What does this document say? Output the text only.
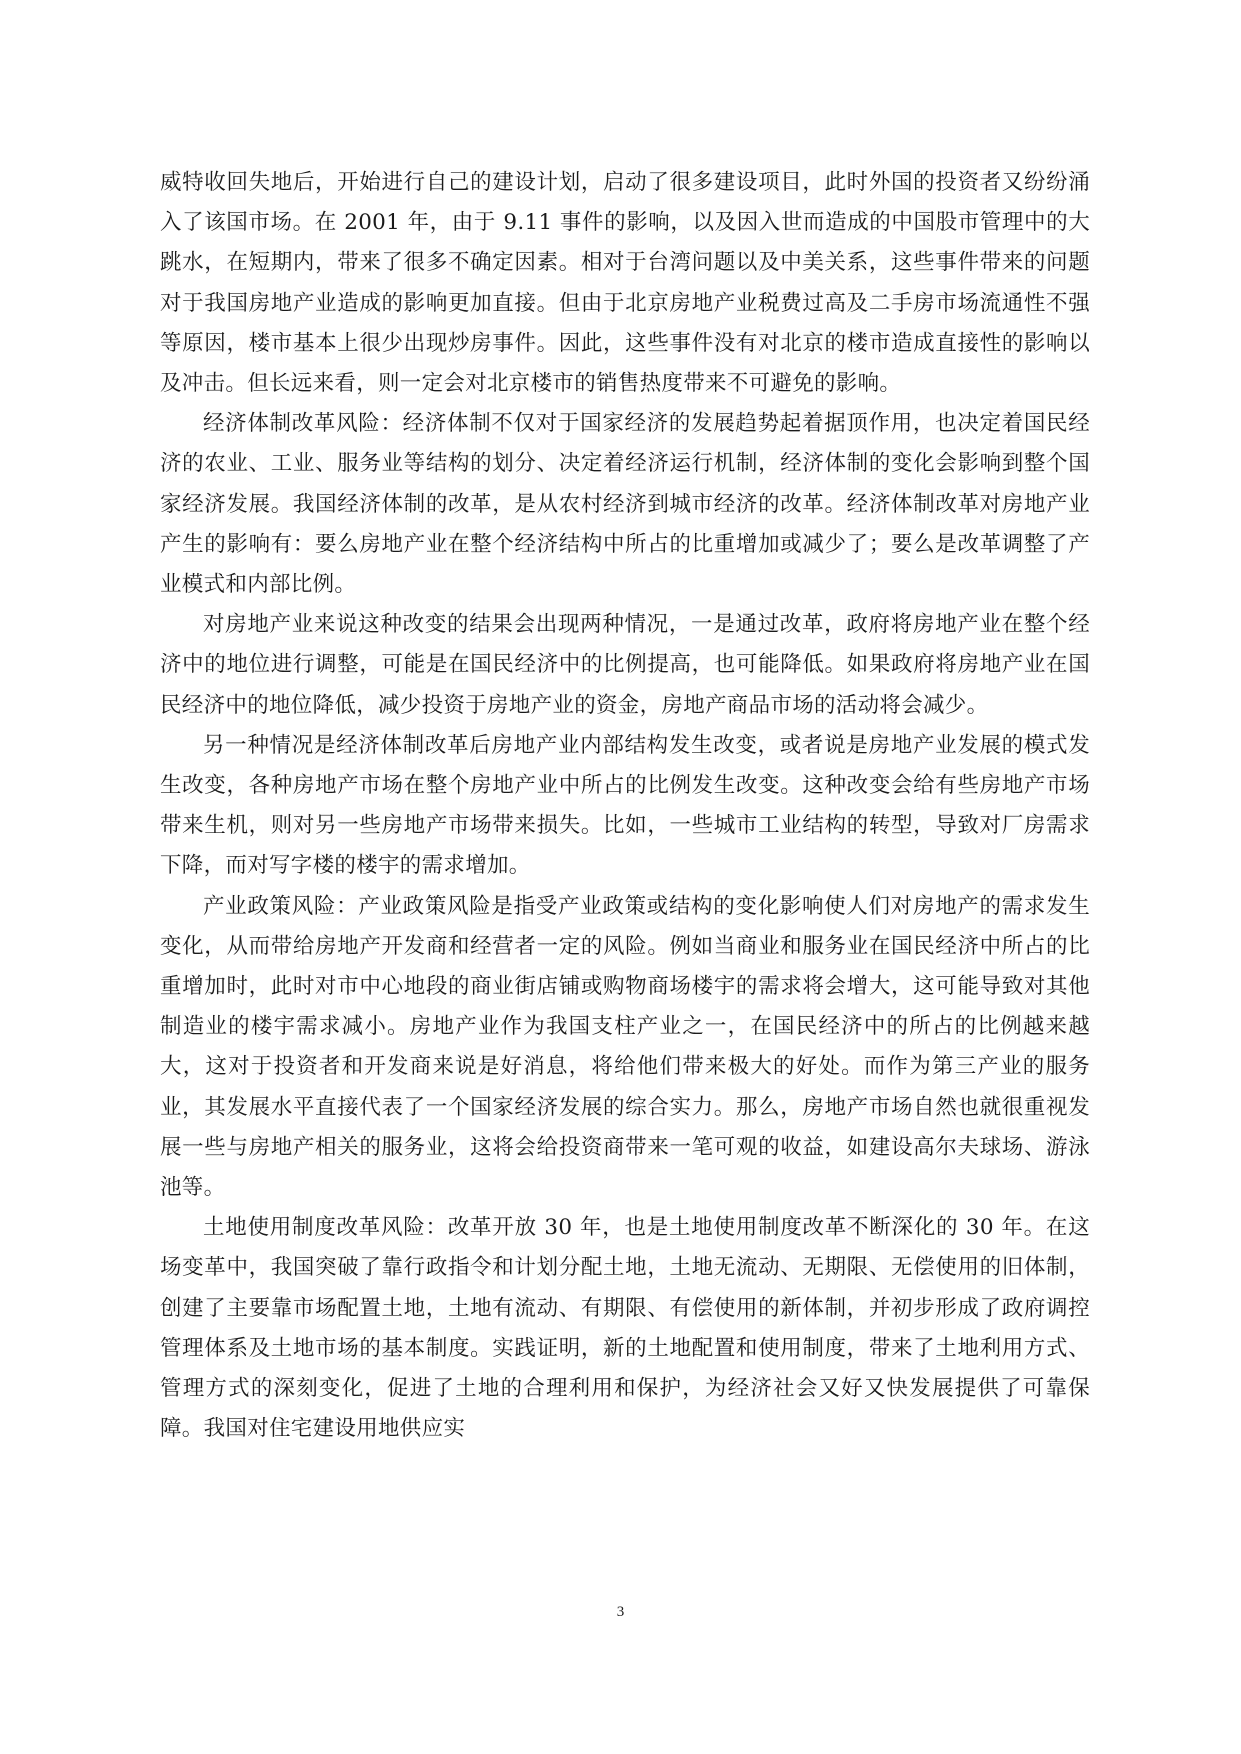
威特收回失地后，开始进行自己的建设计划，启动了很多建设项目，此时外国的投资者又纷纷涌入了该国市场。在 2001 年，由于 9.11 事件的影响，以及因入世而造成的中国股市管理中的大跳水，在短期内，带来了很多不确定因素。相对于台湾问题以及中美关系，这些事件带来的问题对于我国房地产业造成的影响更加直接。但由于北京房地产业税费过高及二手房市场流通性不强等原因，楼市基本上很少出现炒房事件。因此，这些事件没有对北京的楼市造成直接性的影响以及冲击。但长远来看，则一定会对北京楼市的销售热度带来不可避免的影响。

经济体制改革风险：经济体制不仅对于国家经济的发展趋势起着据顶作用，也决定着国民经济的农业、工业、服务业等结构的划分、决定着经济运行机制，经济体制的变化会影响到整个国家经济发展。我国经济体制的改革，是从农村经济到城市经济的改革。经济体制改革对房地产业产生的影响有：要么房地产业在整个经济结构中所占的比重增加或减少了；要么是改革调整了产业模式和内部比例。

对房地产业来说这种改变的结果会出现两种情况，一是通过改革，政府将房地产业在整个经济中的地位进行调整，可能是在国民经济中的比例提高，也可能降低。如果政府将房地产业在国民经济中的地位降低，减少投资于房地产业的资金，房地产商品市场的活动将会减少。

另一种情况是经济体制改革后房地产业内部结构发生改变，或者说是房地产业发展的模式发生改变，各种房地产市场在整个房地产业中所占的比例发生改变。这种改变会给有些房地产市场带来生机，则对另一些房地产市场带来损失。比如，一些城市工业结构的转型，导致对厂房需求下降，而对写字楼的楼宇的需求增加。

产业政策风险：产业政策风险是指受产业政策或结构的变化影响使人们对房地产的需求发生变化，从而带给房地产开发商和经营者一定的风险。例如当商业和服务业在国民经济中所占的比重增加时，此时对市中心地段的商业街店铺或购物商场楼宇的需求将会增大，这可能导致对其他制造业的楼宇需求减小。房地产业作为我国支柱产业之一，在国民经济中的所占的比例越来越大，这对于投资者和开发商来说是好消息，将给他们带来极大的好处。而作为第三产业的服务业，其发展水平直接代表了一个国家经济发展的综合实力。那么，房地产市场自然也就很重视发展一些与房地产相关的服务业，这将会给投资商带来一笔可观的收益，如建设高尔夫球场、游泳池等。

土地使用制度改革风险：改革开放 30 年，也是土地使用制度改革不断深化的 30 年。在这场变革中，我国突破了靠行政指令和计划分配土地，土地无流动、无期限、无偿使用的旧体制，创建了主要靠市场配置土地，土地有流动、有期限、有偿使用的新体制，并初步形成了政府调控管理体系及土地市场的基本制度。实践证明，新的土地配置和使用制度，带来了土地利用方式、管理方式的深刻变化，促进了土地的合理利用和保护，为经济社会又好又快发展提供了可靠保障。我国对住宅建设用地供应实

3
